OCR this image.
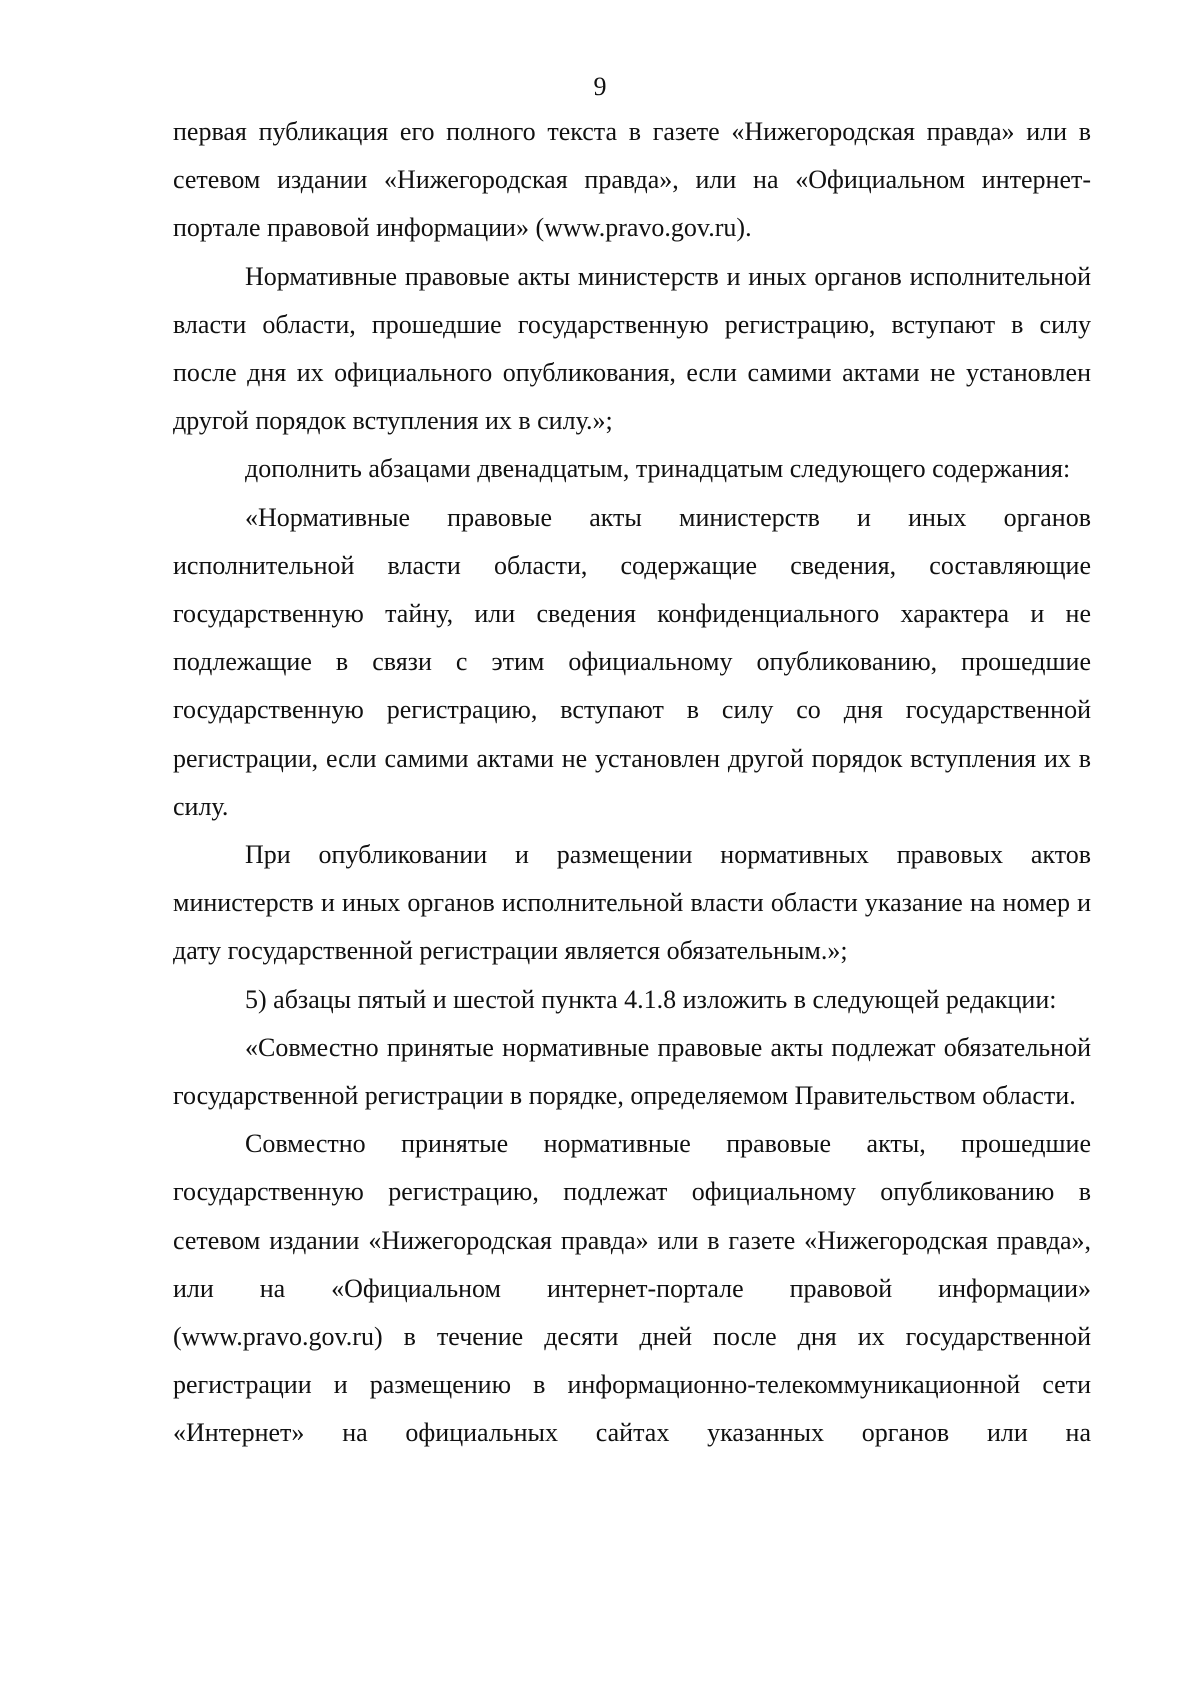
9

первая публикация его полного текста в газете «Нижегородская правда» или в сетевом издании «Нижегородская правда», или на «Официальном интернет-портале правовой информации» (www.pravo.gov.ru).

Нормативные правовые акты министерств и иных органов исполнительной власти области, прошедшие государственную регистрацию, вступают в силу после дня их официального опубликования, если самими актами не установлен другой порядок вступления их в силу.»;

дополнить абзацами двенадцатым, тринадцатым следующего содержания:

«Нормативные правовые акты министерств и иных органов исполнительной власти области, содержащие сведения, составляющие государственную тайну, или сведения конфиденциального характера и не подлежащие в связи с этим официальному опубликованию, прошедшие государственную регистрацию, вступают в силу со дня государственной регистрации, если самими актами не установлен другой порядок вступления их в силу.

При опубликовании и размещении нормативных правовых актов министерств и иных органов исполнительной власти области указание на номер и дату государственной регистрации является обязательным.»;

5) абзацы пятый и шестой пункта 4.1.8 изложить в следующей редакции:

«Совместно принятые нормативные правовые акты подлежат обязательной государственной регистрации в порядке, определяемом Правительством области.

Совместно принятые нормативные правовые акты, прошедшие государственную регистрацию, подлежат официальному опубликованию в сетевом издании «Нижегородская правда» или в газете «Нижегородская правда», или на «Официальном интернет-портале правовой информации» (www.pravo.gov.ru) в течение десяти дней после дня их государственной регистрации и размещению в информационно-телекоммуникационной сети «Интернет» на официальных сайтах указанных органов или на
